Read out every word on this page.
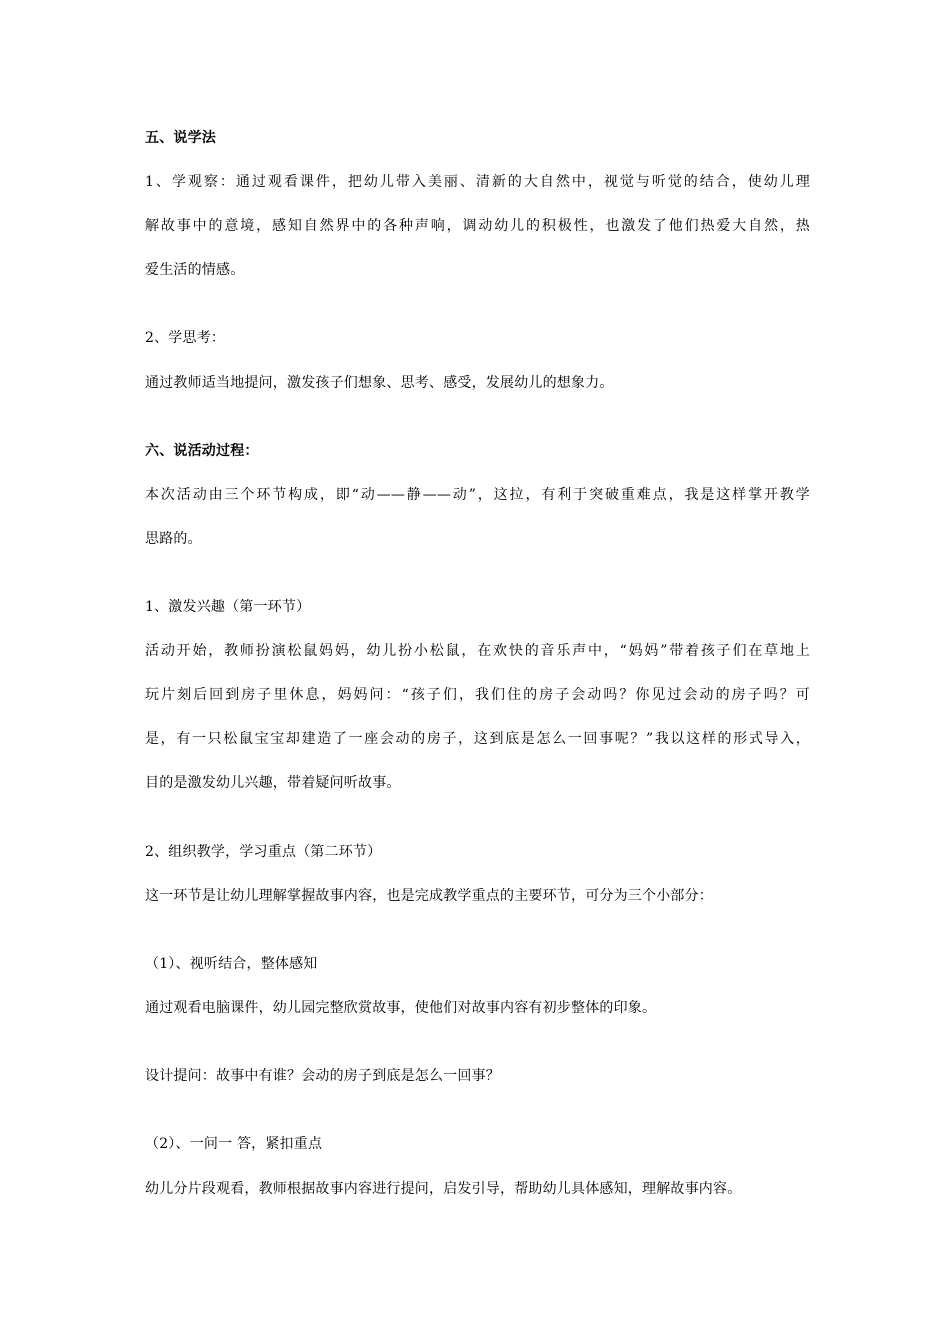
五、说学法
1、学观察：通过观看课件，把幼儿带入美丽、清新的大自然中，视觉与听觉的结合，使幼儿理
解故事中的意境，感知自然界中的各种声响，调动幼儿的积极性，也激发了他们热爱大自然，热
爱生活的情感。
2、学思考：
通过教师适当地提问，激发孩子们想象、思考、感受，发展幼儿的想象力。
六、说活动过程：
本次活动由三个环节构成，即“动——静——动”，这拉，有利于突破重难点，我是这样掌开教学
思路的。
1、激发兴趣（第一环节）
活动开始，教师扮演松鼠妈妈，幼儿扮小松鼠，在欢快的音乐声中，“妈妈”带着孩子们在草地上
玩片刻后回到房子里休息，妈妈问：“孩子们，我们住的房子会动吗？你见过会动的房子吗？可
是，有一只松鼠宝宝却建造了一座会动的房子，这到底是怎么一回事呢？”我以这样的形式导入，
目的是激发幼儿兴趣，带着疑问听故事。
2、组织教学，学习重点（第二环节）
这一环节是让幼儿理解掌握故事内容，也是完成教学重点的主要环节，可分为三个小部分：
（1）、视听结合，整体感知
通过观看电脑课件，幼儿园完整欣赏故事，使他们对故事内容有初步整体的印象。
设计提问：故事中有谁？会动的房子到底是怎么一回事？
（2）、一问一 答，紧扣重点
幼儿分片段观看，教师根据故事内容进行提问，启发引导，帮助幼儿具体感知，理解故事内容。
